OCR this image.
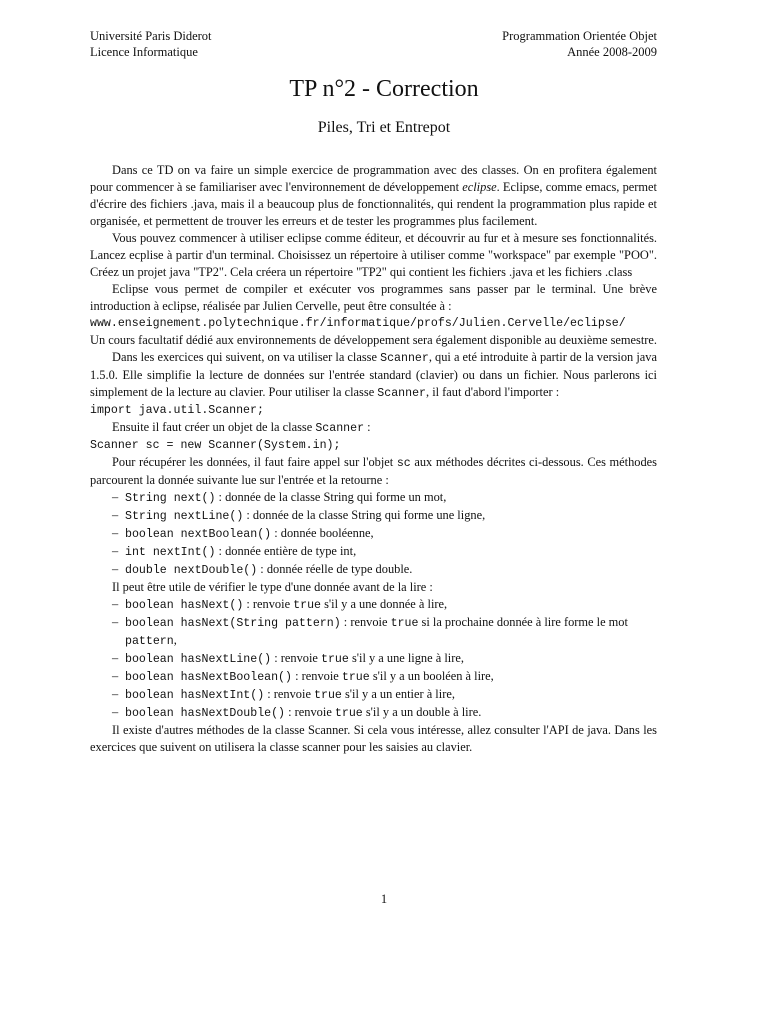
Université Paris Diderot
Licence Informatique
Programmation Orientée Objet
Année 2008-2009
TP n°2 - Correction
Piles, Tri et Entrepot

Dans ce TD on va faire un simple exercice de programmation avec des classes. On en profitera également pour commencer à se familiariser avec l'environnement de développement eclipse. Eclipse, comme emacs, permet d'écrire des fichiers .java, mais il a beaucoup plus de fonctionnalités, qui rendent la programmation plus rapide et organisée, et permettent de trouver les erreurs et de tester les programmes plus facilement.

Vous pouvez commencer à utiliser eclipse comme éditeur, et découvrir au fur et à mesure ses fonctionnalités. Lancez ecplise à partir d'un terminal. Choisissez un répertoire à utiliser comme "workspace" par exemple "POO". Créez un projet java "TP2". Cela créera un répertoire "TP2" qui contient les fichiers .java et les fichiers .class

Eclipse vous permet de compiler et exécuter vos programmes sans passer par le terminal. Une brève introduction à eclipse, réalisée par Julien Cervelle, peut être consultée à :

www.enseignement.polytechnique.fr/informatique/profs/Julien.Cervelle/eclipse/

Un cours facultatif dédié aux environnements de développement sera également disponible au deuxième semestre.

Dans les exercices qui suivent, on va utiliser la classe Scanner, qui a eté introduite à partir de la version java 1.5.0. Elle simplifie la lecture de données sur l'entrée standard (clavier) ou dans un fichier. Nous parlerons ici simplement de la lecture au clavier. Pour utiliser la classe Scanner, il faut d'abord l'importer :

import java.util.Scanner;

Ensuite il faut créer un objet de la classe Scanner :

Scanner sc = new Scanner(System.in);

Pour récupérer les données, il faut faire appel sur l'objet sc aux méthodes décrites ci-dessous. Ces méthodes parcourent la donnée suivante lue sur l'entrée et la retourne :

– String next() : donnée de la classe String qui forme un mot,
– String nextLine() : donnée de la classe String qui forme une ligne,
– boolean nextBoolean() : donnée booléenne,
– int nextInt() : donnée entière de type int,
– double nextDouble() : donnée réelle de type double.

Il peut être utile de vérifier le type d'une donnée avant de la lire :

– boolean hasNext() : renvoie true s'il y a une donnée à lire,
– boolean hasNext(String pattern) : renvoie true si la prochaine donnée à lire forme le mot pattern,
– boolean hasNextLine() : renvoie true s'il y a une ligne à lire,
– boolean hasNextBoolean() : renvoie true s'il y a un booléen à lire,
– boolean hasNextInt() : renvoie true s'il y a un entier à lire,
– boolean hasNextDouble() : renvoie true s'il y a un double à lire.

Il existe d'autres méthodes de la classe Scanner. Si cela vous intéresse, allez consulter l'API de java. Dans les exercices que suivent on utilisera la classe scanner pour les saisies au clavier.

1
